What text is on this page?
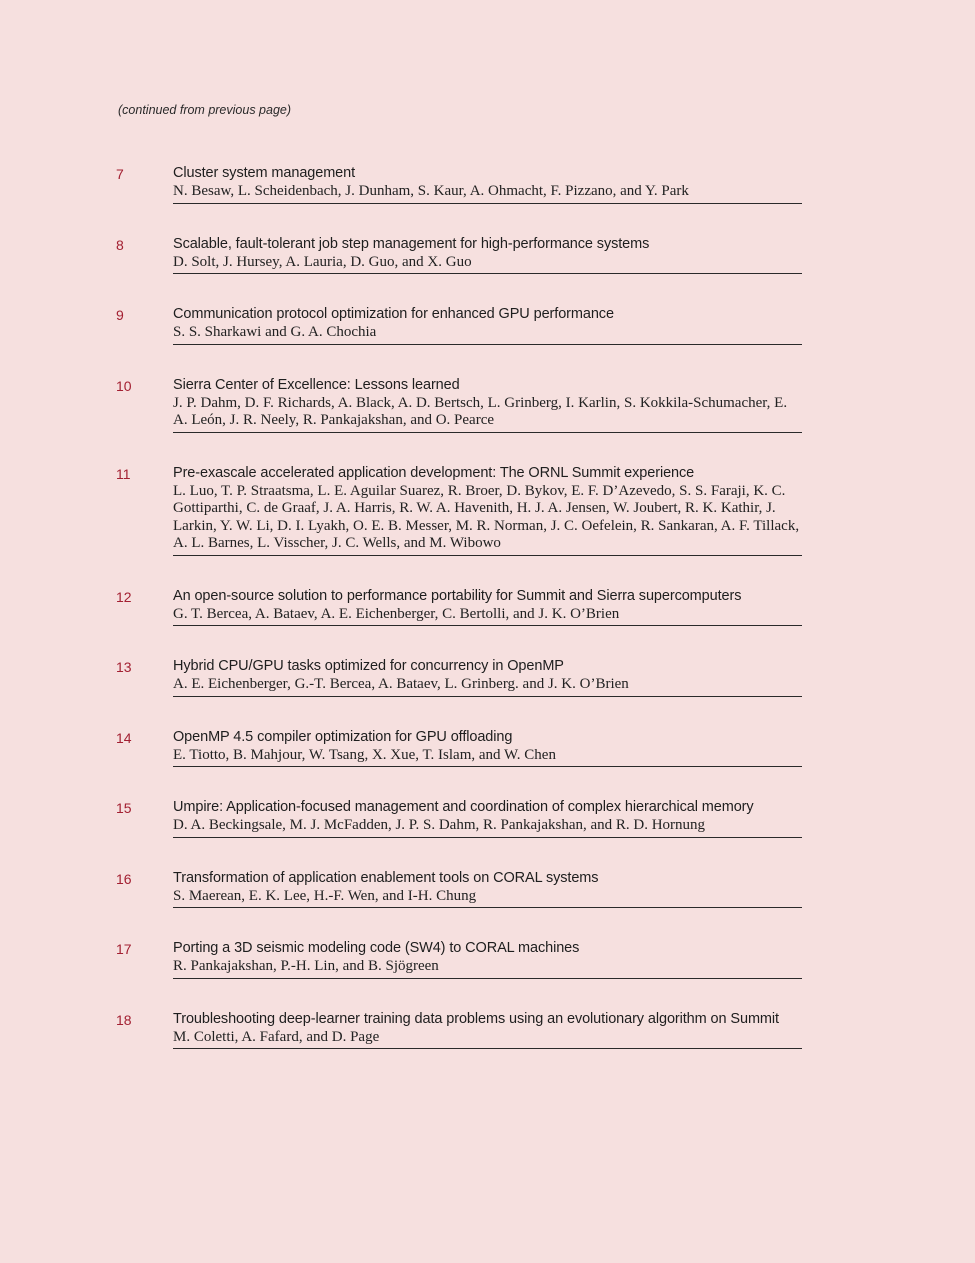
(continued from previous page)
7	Cluster system management
N. Besaw, L. Scheidenbach, J. Dunham, S. Kaur, A. Ohmacht, F. Pizzano, and Y. Park
8	Scalable, fault-tolerant job step management for high-performance systems
D. Solt, J. Hursey, A. Lauria, D. Guo, and X. Guo
9	Communication protocol optimization for enhanced GPU performance
S. S. Sharkawi and G. A. Chochia
10	Sierra Center of Excellence: Lessons learned
J. P. Dahm, D. F. Richards, A. Black, A. D. Bertsch, L. Grinberg, I. Karlin, S. Kokkila-Schumacher, E. A. León, J. R. Neely, R. Pankajakshan, and O. Pearce
11	Pre-exascale accelerated application development: The ORNL Summit experience
L. Luo, T. P. Straatsma, L. E. Aguilar Suarez, R. Broer, D. Bykov, E. F. D’Azevedo, S. S. Faraji, K. C. Gottiparthi, C. de Graaf, J. A. Harris, R. W. A. Havenith, H. J. A. Jensen, W. Joubert, R. K. Kathir, J. Larkin, Y. W. Li, D. I. Lyakh, O. E. B. Messer, M. R. Norman, J. C. Oefelein, R. Sankaran, A. F. Tillack, A. L. Barnes, L. Visscher, J. C. Wells, and M. Wibowo
12	An open-source solution to performance portability for Summit and Sierra supercomputers
G. T. Bercea, A. Bataev, A. E. Eichenberger, C. Bertolli, and J. K. O’Brien
13	Hybrid CPU/GPU tasks optimized for concurrency in OpenMP
A. E. Eichenberger, G.-T. Bercea, A. Bataev, L. Grinberg. and J. K. O’Brien
14	OpenMP 4.5 compiler optimization for GPU offloading
E. Tiotto, B. Mahjour, W. Tsang, X. Xue, T. Islam, and W. Chen
15	Umpire: Application-focused management and coordination of complex hierarchical memory
D. A. Beckingsale, M. J. McFadden, J. P. S. Dahm, R. Pankajakshan, and R. D. Hornung
16	Transformation of application enablement tools on CORAL systems
S. Maerean, E. K. Lee, H.-F. Wen, and I-H. Chung
17	Porting a 3D seismic modeling code (SW4) to CORAL machines
R. Pankajakshan, P.-H. Lin, and B. Sjögreen
18	Troubleshooting deep-learner training data problems using an evolutionary algorithm on Summit
M. Coletti, A. Fafard, and D. Page
